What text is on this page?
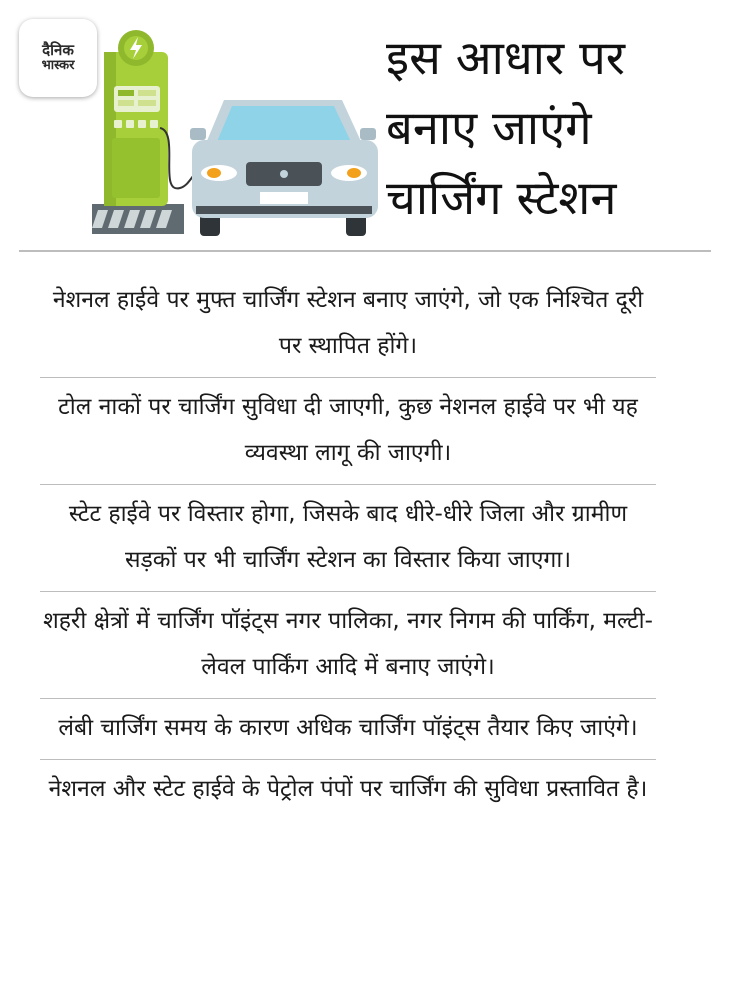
दैनिक
भास्कर	इस आधार पर
बनाए जाएंगे
चार्जिंग स्टेशन
नेशनल हाईवे पर मुफ्त चार्जिंग स्टेशन बनाए जाएंगे, जो एक निश्चित दूरी पर स्थापित होंगे।
टोल नाकों पर चार्जिंग सुविधा दी जाएगी, कुछ नेशनल हाईवे पर भी यह व्यवस्था लागू की जाएगी।
स्टेट हाईवे पर विस्तार होगा, जिसके बाद धीरे-धीरे जिला और ग्रामीण सड़कों पर भी चार्जिंग स्टेशन का विस्तार किया जाएगा।
शहरी क्षेत्रों में चार्जिंग पॉइंट्स नगर पालिका, नगर निगम की पार्किंग, मल्टी-लेवल पार्किंग आदि में बनाए जाएंगे।
लंबी चार्जिंग समय के कारण अधिक चार्जिंग पॉइंट्स तैयार किए जाएंगे।
नेशनल और स्टेट हाईवे के पेट्रोल पंपों पर चार्जिंग की सुविधा प्रस्तावित है।
